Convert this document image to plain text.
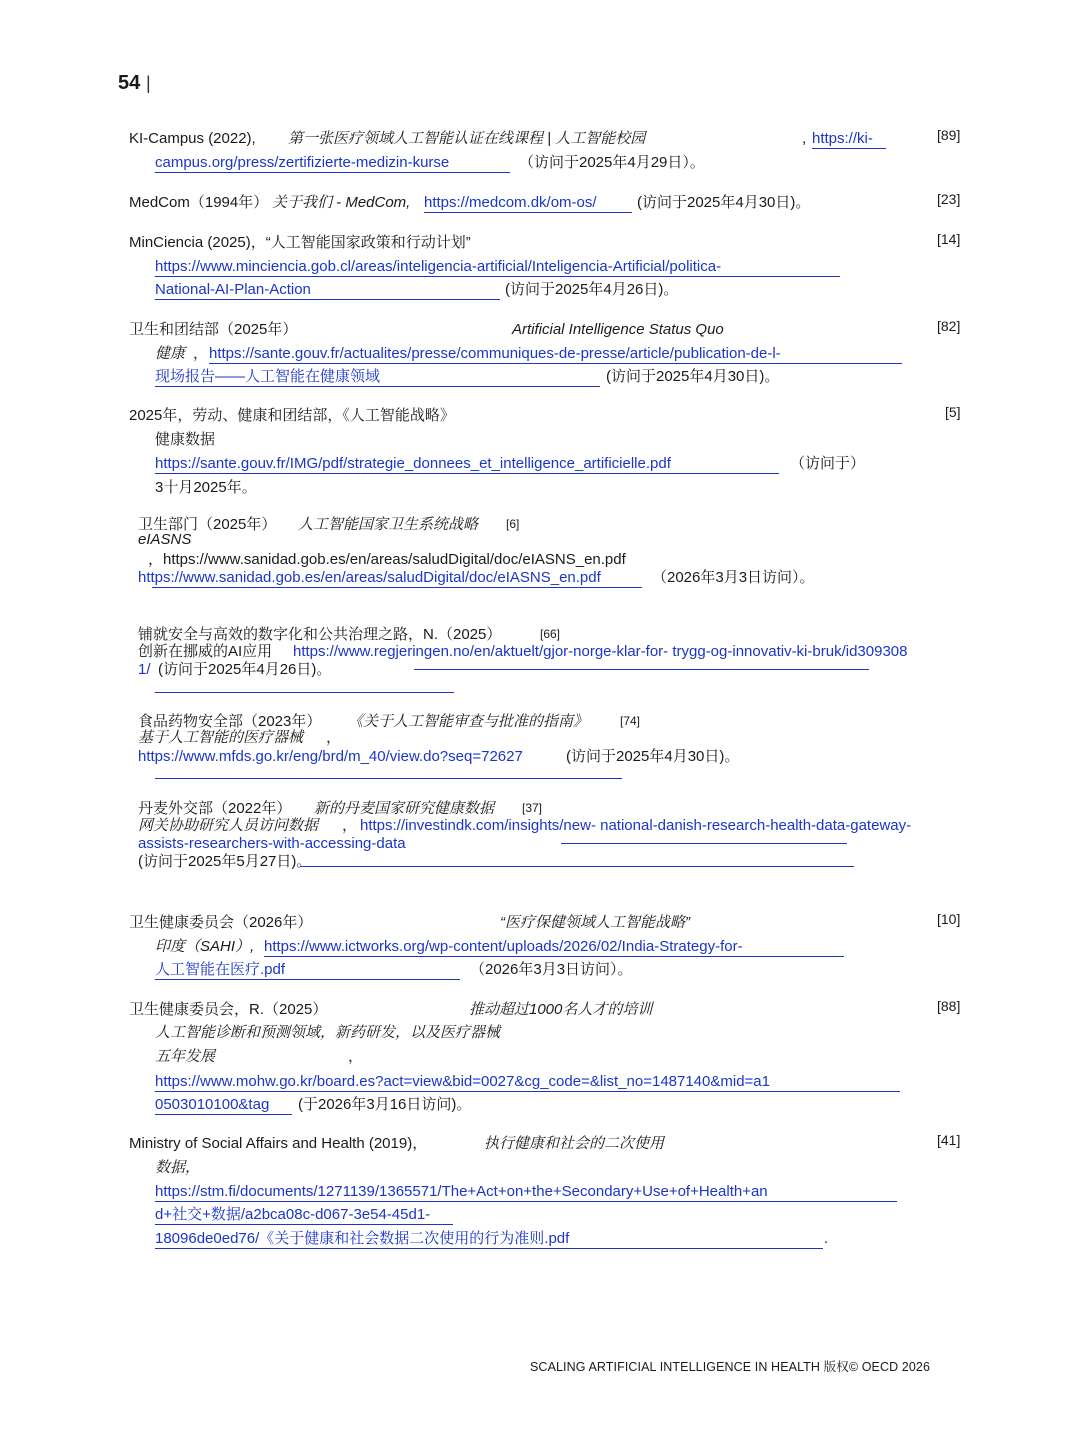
54 |
KI-Campus (2022), 第一张医疗领域人工智能认证在线课程 | 人工智能校园	, https://ki-
campus.org/press/zertifizierte-medizin-kurse	（访问于2025年4月29日）。
[89]
MedCom（1994年） 关于我们 - MedCom, https://medcom.dk/om-os/	(访问于2025年4月30日)。	[23]
MinCiencia (2025)，“人工智能国家政策和行动计划”
https://www.minciencia.gob.cl/areas/inteligencia-artificial/Inteligencia-Artificial/politica-
National-AI-Plan-Action	(访问于2025年4月26日)。
[14]
卫生和团结部（2025年）	Artificial Intelligence Status Quo
健康 ， https://sante.gouv.fr/actualites/presse/communiques-de-presse/article/publication-de-l-
现场报告——人工智能在健康领域	(访问于2025年4月30日)。
[82]
2025年，劳动、健康和团结部，《人工智能战略》
健康数据
https://sante.gouv.fr/IMG/pdf/strategie_donnees_et_intelligence_artificielle.pdf	（访问于）
3十月2025年。
[5]
卫生部门（2025年） 人工智能国家卫生系统战略 [6]
eIASNS
，https://www.sanidad.gob.es/en/areas/saludDigital/doc/eIASNS_en.pdf
https://www.sanidad.gob.es/en/areas/saludDigital/doc/eIASNS_en.pdf	（2026年3月3日访问）。
铺就安全与高效的数字化和公共治理之路，N.（2025）	[66]
创新在挪威的AI应用 https://www.regjeringen.no/en/aktuelt/gjor-norge-klar-for- trygg-og-innovativ-ki-bruk/id309308
1/ (访问于2025年4月26日)。
食品药物安全部（2023年） 《关于人工智能审查与批准的指南》	[74]
基于人工智能的医疗器械 ，
https://www.mfds.go.kr/eng/brd/m_40/view.do?seq=72627	(访问于2025年4月30日)。
丹麦外交部（2022年） 新的丹麦国家研究健康数据 [37]
网关协助研究人员访问数据 ， https://investindk.com/insights/new- national-danish-research-health-data-gateway-
assists-researchers-with-accessing-data
(访问于2025年5月27日)。
卫生健康委员会（2026年）	“医疗保健领域人工智能战略”
印度（SAHI）, https://www.ictworks.org/wp-content/uploads/2026/02/India-Strategy-for-
人工智能在医疗.pdf	（2026年3月3日访问）。
[10]
卫生健康委员会，R.（2025）	推动超过1000名人才的培训
人工智能诊断和预测领域，新药研发，以及医疗器械
五年发展	，
https://www.mohw.go.kr/board.es?act=view&bid=0027&cg_code=&list_no=1487140&mid=a1
0503010100&tag (于2026年3月16日访问)。
[88]
Ministry of Social Affairs and Health (2019)，	执行健康和社会的二次使用
数据，
https://stm.fi/documents/1271139/1365571/The+Act+on+the+Secondary+Use+of+Health+an
d+社交+数据/a2bca08c-d067-3e54-45d1-
18096de0ed76/《关于健康和社会数据二次使用的行为准则.pdf	.
[41]
SCALING ARTIFICIAL INTELLIGENCE IN HEALTH 版权© OECD 2026
